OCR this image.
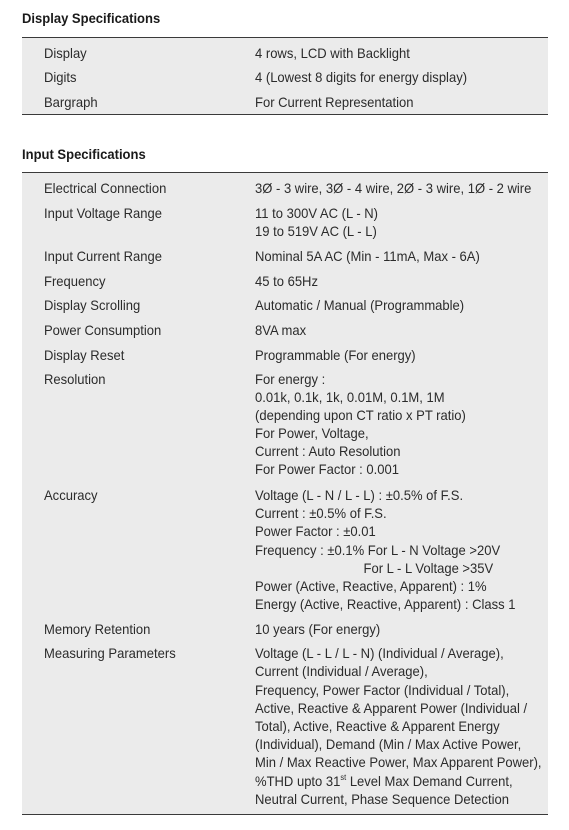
Display Specifications
Display	4 rows, LCD with Backlight
Digits	4 (Lowest 8 digits for energy display)
Bargraph	For Current Representation
Input Specifications
Electrical Connection	3Ø - 3 wire, 3Ø - 4 wire, 2Ø - 3 wire, 1Ø - 2 wire
Input Voltage Range	11 to 300V AC (L - N)
19 to 519V AC (L - L)
Input Current Range	Nominal 5A AC (Min - 11mA, Max - 6A)
Frequency	45 to 65Hz
Display Scrolling	Automatic / Manual (Programmable)
Power Consumption	8VA max
Display Reset	Programmable (For energy)
Resolution	For energy :
0.01k, 0.1k, 1k, 0.01M, 0.1M, 1M
(depending upon CT ratio x PT ratio)
For Power, Voltage,
Current : Auto Resolution
For Power Factor : 0.001
Accuracy	Voltage (L - N / L - L) : ±0.5% of F.S.
Current : ±0.5% of F.S.
Power Factor : ±0.01
Frequency : ±0.1% For L - N Voltage >20V
For L - L Voltage >35V
Power (Active, Reactive, Apparent) : 1%
Energy (Active, Reactive, Apparent) : Class 1
Memory Retention	10 years (For energy)
Measuring Parameters	Voltage (L - L / L - N) (Individual / Average),
Current (Individual / Average),
Frequency, Power Factor (Individual / Total),
Active, Reactive & Apparent Power (Individual /
Total), Active, Reactive & Apparent Energy
(Individual), Demand (Min / Max Active Power,
Min / Max Reactive Power, Max Apparent Power),
%THD upto 31st Level Max Demand Current,
Neutral Current, Phase Sequence Detection
